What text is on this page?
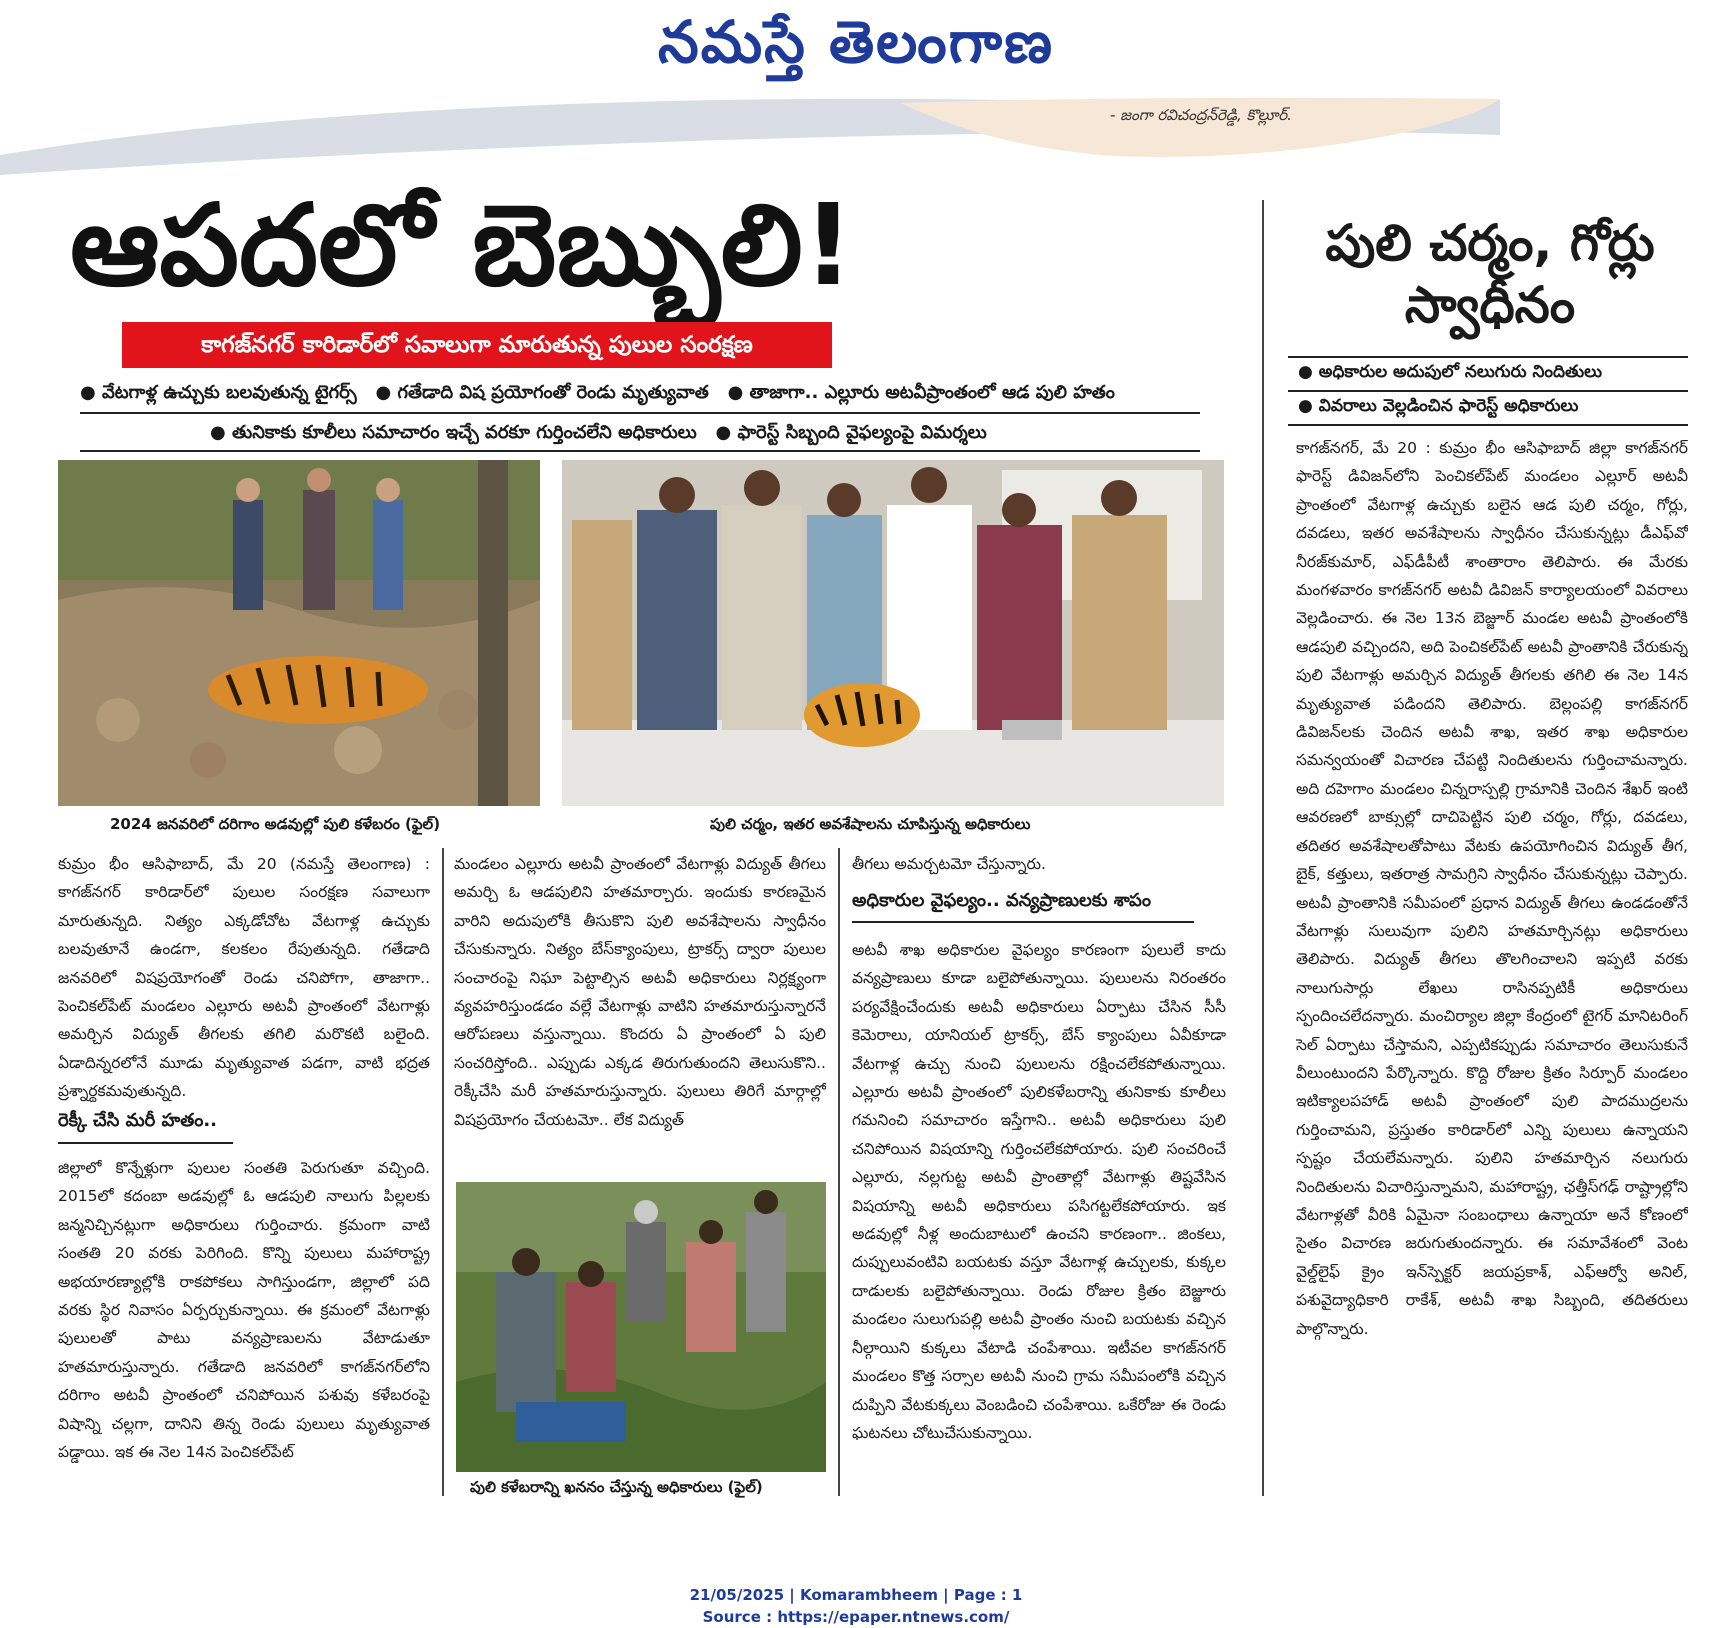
నమస్తే తెలంగాణ
- జంగా రవిచంద్రన్‌రెడ్డి, కొల్లూర్.
ఆపదలో బెబ్బులి!
కాగజ్‌నగర్ కారిడార్‌లో సవాలుగా మారుతున్న పులుల సంరక్షణ
● వేటగాళ్ల ఉచ్చుకు బలవుతున్న టైగర్స్   ● గతేడాది విష ప్రయోగంతో రెండు మృత్యువాత   ● తాజాగా.. ఎల్లూరు అటవీప్రాంతంలో ఆడ పులి హతం
● తునికాకు కూలీలు సమాచారం ఇచ్చే వరకూ గుర్తించలేని అధికారులు   ● ఫారెస్ట్ సిబ్బంది వైఫల్యంపై విమర్శలు
2024 జనవరిలో దరిగాం అడవుల్లో పులి కళేబరం (ఫైల్)	పులి చర్మం, ఇతర అవశేషాలను చూపిస్తున్న అధికారులు
కుమ్రం భీం ఆసిఫాబాద్, మే 20 (నమస్తే తెలంగాణ) : కాగజ్‌నగర్ కారిడార్‌లో పులుల సంరక్షణ సవాలుగా మారుతున్నది. నిత్యం ఎక్కడోచోట వేటగాళ్ల ఉచ్చుకు బలవుతూనే ఉండగా, కలకలం రేపుతున్నది. గతేడాది జనవరిలో విషప్రయోగంతో రెండు చనిపోగా, తాజాగా.. పెంచికల్‌పేట్ మండలం ఎల్లూరు అటవీ ప్రాంతంలో వేటగాళ్లు అమర్చిన విద్యుత్ తీగలకు తగిలి మరొకటి బలైంది. ఏడాదిన్నరలోనే మూడు మృత్యువాత పడగా, వాటి భద్రత ప్రశ్నార్థకమవుతున్నది.
రెక్కీ చేసి మరీ హతం..
జిల్లాలో కొన్నేళ్లుగా పులుల సంతతి పెరుగుతూ వచ్చింది. 2015లో కదంబా అడవుల్లో ఓ ఆడపులి నాలుగు పిల్లలకు జన్మనిచ్చినట్లుగా అధికారులు గుర్తించారు. క్రమంగా వాటి సంతతి 20 వరకు పెరిగింది. కొన్ని పులులు మహారాష్ట్ర అభయారణ్యాల్లోకి రాకపోకలు సాగిస్తుండగా, జిల్లాలో పది వరకు స్థిర నివాసం ఏర్పర్చుకున్నాయి. ఈ క్రమంలో వేటగాళ్లు పులులతో పాటు వన్యప్రాణులను వేటాడుతూ హతమారుస్తున్నారు. గతేడాది జనవరిలో కాగజ్‌నగర్‌లోని దరిగాం అటవీ ప్రాంతంలో చనిపోయిన పశువు కళేబరంపై విషాన్ని చల్లగా, దానిని తిన్న రెండు పులులు మృత్యువాత పడ్డాయి. ఇక ఈ నెల 14న పెంచికల్‌పేట్
మండలం ఎల్లూరు అటవీ ప్రాంతంలో వేటగాళ్లు విద్యుత్ తీగలు అమర్చి ఓ ఆడపులిని హతమార్చారు. ఇందుకు కారణమైన వారిని అదుపులోకి తీసుకొని పులి అవశేషాలను స్వాధీనం చేసుకున్నారు. నిత్యం బేస్‌క్యాంపులు, ట్రాకర్స్ ద్వారా పులుల సంచారంపై నిఘా పెట్టాల్సిన అటవీ అధికారులు నిర్లక్ష్యంగా వ్యవహరిస్తుండడం వల్లే వేటగాళ్లు వాటిని హతమారుస్తున్నారనే ఆరోపణలు వస్తున్నాయి. కొందరు ఏ ప్రాంతంలో ఏ పులి సంచరిస్తోంది.. ఎప్పుడు ఎక్కడ తిరుగుతుందని తెలుసుకొని.. రెక్కీచేసి మరీ హతమారుస్తున్నారు. పులులు తిరిగే మార్గాల్లో విషప్రయోగం చేయటమో.. లేక విద్యుత్
పులి కళేబరాన్ని ఖననం చేస్తున్న అధికారులు (ఫైల్)
తీగలు అమర్చటమో చేస్తున్నారు.
అధికారుల వైఫల్యం.. వన్యప్రాణులకు శాపం
అటవీ శాఖ అధికారుల వైఫల్యం కారణంగా పులులే కాదు వన్యప్రాణులు కూడా బలైపోతున్నాయి. పులులను నిరంతరం పర్యవేక్షించేందుకు అటవీ అధికారులు ఏర్పాటు చేసిన సీసీ కెమెరాలు, యానియల్ ట్రాకర్స్, బేస్ క్యాంపులు ఏవీకూడా వేటగాళ్ల ఉచ్చు నుంచి పులులను రక్షించలేకపోతున్నాయి. ఎల్లూరు అటవీ ప్రాంతంలో పులికళేబరాన్ని తునికాకు కూలీలు గమనించి సమాచారం ఇస్తేగాని.. అటవీ అధికారులు పులి చనిపోయిన విషయాన్ని గుర్తించలేకపోయారు. పులి సంచరించే ఎల్లూరు, నల్లగుట్ట అటవీ ప్రాంతాల్లో వేటగాళ్లు తిష్టవేసిన విషయాన్ని అటవీ అధికారులు పసిగట్టలేకపోయారు. ఇక అడవుల్లో నీళ్ల అందుబాటులో ఉంచని కారణంగా.. జింకలు, దుప్పులువంటివి బయటకు వస్తూ వేటగాళ్ల ఉచ్చులకు, కుక్కల దాడులకు బలైపోతున్నాయి. రెండు రోజుల క్రితం బెజ్జూరు మండలం సులుగుపల్లి అటవీ ప్రాంతం నుంచి బయటకు వచ్చిన నీల్గాయిని కుక్కలు వేటాడి చంపేశాయి. ఇటీవల కాగజ్‌నగర్ మండలం కొత్త సర్సాల అటవీ నుంచి గ్రామ సమీపంలోకి వచ్చిన దుప్పిని వేటకుక్కలు వెంబడించి చంపేశాయి. ఒకేరోజు ఈ రెండు ఘటనలు చోటుచేసుకున్నాయి.
పులి చర్మం, గోర్లు
స్వాధీనం
● అధికారుల అదుపులో నలుగురు నిందితులు
● వివరాలు వెల్లడించిన ఫారెస్ట్ అధికారులు
కాగజ్‌నగర్, మే 20 : కుమ్రం భీం ఆసిఫాబాద్ జిల్లా కాగజ్‌నగర్ ఫారెస్ట్ డివిజన్‌లోని పెంచికల్‌పేట్ మండలం ఎల్లూర్ అటవీ ప్రాంతంలో వేటగాళ్ల ఉచ్చుకు బలైన ఆడ పులి చర్మం, గోర్లు, దవడలు, ఇతర అవశేషాలను స్వాధీనం చేసుకున్నట్లు డీఎఫ్‌వో నీరజ్‌కుమార్, ఎఫ్‌డీపీటీ శాంతారాం తెలిపారు. ఈ మేరకు మంగళవారం కాగజ్‌నగర్ అటవీ డివిజన్ కార్యాలయంలో వివరాలు వెల్లడించారు. ఈ నెల 13న బెజ్జూర్ మండల అటవీ ప్రాంతంలోకి ఆడపులి వచ్చిందని, అది పెంచికల్‌పేట్ అటవీ ప్రాంతానికి చేరుకున్న పులి వేటగాళ్లు అమర్చిన విద్యుత్ తీగలకు తగిలి ఈ నెల 14న మృత్యువాత పడిందని తెలిపారు. బెల్లంపల్లి కాగజ్‌నగర్ డివిజన్‌లకు చెందిన అటవీ శాఖ, ఇతర శాఖ అధికారుల సమన్వయంతో విచారణ చేపట్టి నిందితులను గుర్తించామన్నారు. అది దహెగాం మండలం చిన్నరాస్పల్లి గ్రామానికి చెందిన శేఖర్ ఇంటి ఆవరణలో బాక్సుల్లో దాచిపెట్టిన పులి చర్మం, గోర్లు, దవడలు, తదితర అవశేషాలతోపాటు వేటకు ఉపయోగించిన విద్యుత్ తీగ, బైక్, కత్తులు, ఇతరాత్ర సామగ్రిని స్వాధీనం చేసుకున్నట్లు చెప్పారు. అటవీ ప్రాంతానికి సమీపంలో ప్రధాన విద్యుత్ తీగలు ఉండడంతోనే వేటగాళ్లు సులువుగా పులిని హతమార్చినట్లు అధికారులు తెలిపారు. విద్యుత్ తీగలు తొలగించాలని ఇప్పటి వరకు నాలుగుసార్లు లేఖలు రాసినప్పటికీ అధికారులు స్పందించలేదన్నారు. మంచిర్యాల జిల్లా కేంద్రంలో టైగర్ మానిటరింగ్ సెల్ ఏర్పాటు చేస్తామని, ఎప్పటికప్పుడు సమాచారం తెలుసుకునే వీలుంటుందని పేర్కొన్నారు. కొద్ది రోజుల క్రితం సిర్పూర్ మండలం ఇటిక్యాలపహాడ్ అటవీ ప్రాంతంలో పులి పాదముద్రలను గుర్తించామని, ప్రస్తుతం కారిడార్‌లో ఎన్ని పులులు ఉన్నాయని స్పష్టం చేయలేమన్నారు. పులిని హతమార్చిన నలుగురు నిందితులను విచారిస్తున్నామని, మహారాష్ట్ర, ఛత్తీస్‌గఢ్ రాష్ట్రాల్లోని వేటగాళ్లతో వీరికి ఏమైనా సంబంధాలు ఉన్నాయా అనే కోణంలో సైతం విచారణ జరుగుతుందన్నారు. ఈ సమావేశంలో వెంట వైల్డ్‌లైఫ్ క్రైం ఇన్‌స్పెక్టర్ జయప్రకాశ్, ఎఫ్‌ఆర్వో అనిల్, పశువైద్యాధికారి రాకేశ్, అటవీ శాఖ సిబ్బంది, తదితరులు పాల్గొన్నారు.
21/05/2025 | Komarambheem | Page : 1
Source : https://epaper.ntnews.com/
